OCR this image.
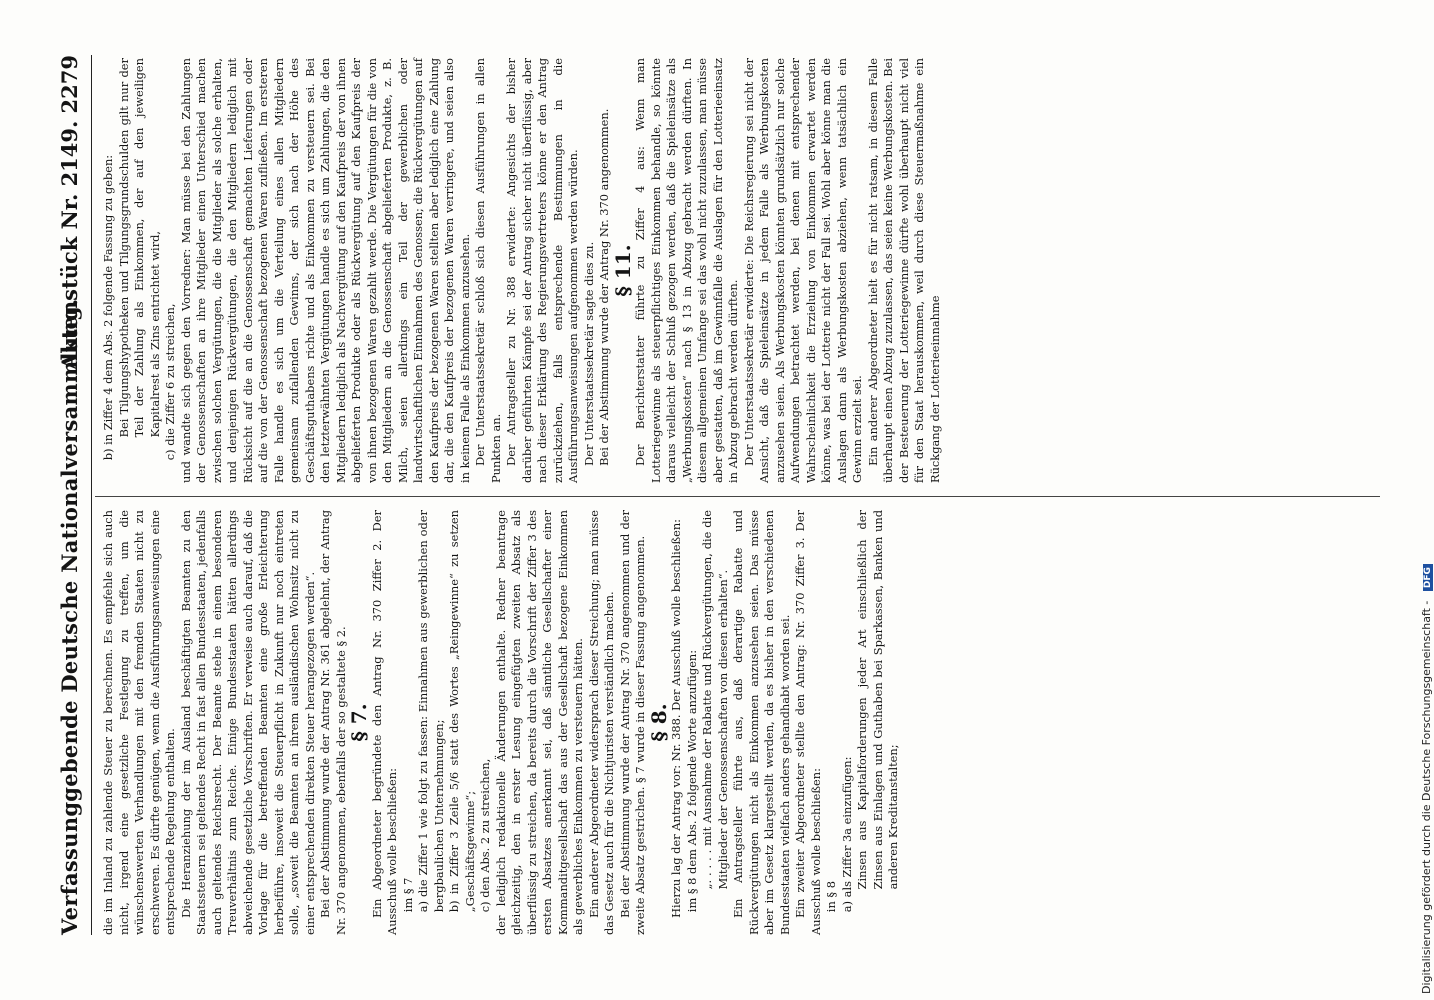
Verfassunggebende Deutsche Nationalversammlung.
Aktenstück Nr. 2149.
2279

die im Inland zu zahlende Steuer zu berechnen. Es empfehle sich auch nicht, irgend eine gesetzliche Festlegung zu treffen, um die wünschenswerten Verhandlungen mit den fremden Staaten nicht zu erschweren. Es dürfte genügen, wenn die Ausführungsanweisungen eine entsprechende Regelung enthalten. Die Heranziehung der im Ausland beschäftigten Beamten zu den Staatssteuern sei geltendes Recht in fast allen Bundesstaaten, jedenfalls auch geltendes Reichsrecht. Der Beamte stehe in einem besonderen Treuverhältnis zum Reiche. Einige Bundesstaaten hätten allerdings abweichende gesetzliche Vorschriften. Er verweise auch darauf, daß die Vorlage für die betreffenden Beamten eine große Erleichterung herbeiführe, insoweit die Steuerpflicht in Zukunft nur noch eintreten solle, „soweit die Beamten an ihrem ausländischen Wohnsitz nicht zu einer entsprechenden direkten Steuer herangezogen werden“. Bei der Abstimmung wurde der Antrag Nr. 361 abgelehnt, der Antrag Nr. 370 angenommen, ebenfalls der so gestaltete § 2. § 7.

Ein Abgeordneter begründete den Antrag Nr. 370 Ziffer 2. Der Ausschuß wolle beschließen: im § 7 a) die Ziffer 1 wie folgt zu fassen: Einnahmen aus gewerblichen oder bergbaulichen Unternehmungen; b) in Ziffer 3 Zeile 5/6 statt des Wortes „Reingewinne“ zu setzen „Geschäftsgewinne“; c) den Abs. 2 zu streichen, der lediglich redaktionelle Änderungen enthalte. Redner beantrage gleichzeitig, den in erster Lesung eingefügten zweiten Absatz als überflüssig zu streichen, da bereits durch die Vorschrift der Ziffer 3 des ersten Absatzes anerkannt sei, daß sämtliche Gesellschafter einer Kommanditgesellschaft das aus der Gesellschaft bezogene Einkommen als gewerbliches Einkommen zu versteuern hätten. Ein anderer Abgeordneter widersprach dieser Streichung; man müsse das Gesetz auch für die Nichtjuristen verständlich machen. Bei der Abstimmung wurde der Antrag Nr. 370 angenommen und der zweite Absatz gestrichen. § 7 wurde in dieser Fassung angenommen. § 8.

Hierzu lag der Antrag vor: Nr. 388. Der Ausschuß wolle beschließen: im § 8 dem Abs. 2 folgende Worte anzufügen: „. . . . . mit Ausnahme der Rabatte und Rückvergütungen, die die Mitglieder der Genossenschaften von diesen erhalten“. Ein Antragsteller führte aus, daß derartige Rabatte und Rückvergütungen nicht als Einkommen anzusehen seien. Das müsse aber im Gesetz klargestellt werden, da es bisher in den verschiedenen Bundesstaaten vielfach anders gehandhabt worden sei. Ein zweiter Abgeordneter stellte den Antrag: Nr. 370 Ziffer 3. Der Ausschuß wolle beschließen: in § 8 a) als Ziffer 3a einzufügen: Zinsen aus Kapitalforderungen jeder Art einschließlich der Zinsen aus Einlagen und Guthaben bei Sparkassen, Banken und anderen Kreditanstalten;

b) in Ziffer 4 dem Abs. 2 folgende Fassung zu geben: Bei Tilgungshypotheken und Tilgungsgrundschulden gilt nur der Teil der Zahlung als Einkommen, der auf den jeweiligen Kapitalrest als Zins entrichtet wird, c) die Ziffer 6 zu streichen, und wandte sich gegen den Vorredner: Man müsse bei den Zahlungen der Genossenschaften an ihre Mitglieder einen Unterschied machen zwischen solchen Vergütungen, die die Mitglieder als solche erhalten, und denjenigen Rückvergütungen, die den Mitgliedern lediglich mit Rücksicht auf die an die Genossenschaft gemachten Lieferungen oder auf die von der Genossenschaft bezogenen Waren zufließen. Im ersteren Falle handle es sich um die Verteilung eines allen Mitgliedern gemeinsam zufallenden Gewinns, der sich nach der Höhe des Geschäftsguthabens richte und als Einkommen zu versteuern sei. Bei den letzterwähnten Vergütungen handle es sich um Zahlungen, die den Mitgliedern lediglich als Nachvergütung auf den Kaufpreis der von ihnen abgelieferten Produkte oder als Rückvergütung auf den Kaufpreis der von ihnen bezogenen Waren gezahlt werde. Die Vergütungen für die von den Mitgliedern an die Genossenschaft abgelieferten Produkte, z. B. Milch, seien allerdings ein Teil der gewerblichen oder landwirtschaftlichen Einnahmen des Genossen; die Rückvergütungen auf den Kaufpreis der bezogenen Waren stellten aber lediglich eine Zahlung dar, die den Kaufpreis der bezogenen Waren verringere, und seien also in keinem Falle als Einkommen anzusehen. Der Unterstaatssekretär schloß sich diesen Ausführungen in allen Punkten an. Der Antragsteller zu Nr. 388 erwiderte: Angesichts der bisher darüber geführten Kämpfe sei der Antrag sicher nicht überflüssig, aber nach dieser Erklärung des Regierungsvertreters könne er den Antrag zurückziehen, falls entsprechende Bestimmungen in die Ausführungsanweisungen aufgenommen werden würden. Der Unterstaatssekretär sagte dies zu. Bei der Abstimmung wurde der Antrag Nr. 370 angenommen. § 11.

Der Berichterstatter führte zu Ziffer 4 aus: Wenn man Lotteriegewinne als steuerpflichtiges Einkommen behandle, so könnte daraus vielleicht der Schluß gezogen werden, daß die Spieleinsätze als „Werbungskosten“ nach § 13 in Abzug gebracht werden dürften. In diesem allgemeinen Umfange sei das wohl nicht zuzulassen, man müsse aber gestatten, daß im Gewinnfalle die Auslagen für den Lotterieeinsatz in Abzug gebracht werden dürften. Der Unterstaatssekretär erwiderte: Die Reichsregierung sei nicht der Ansicht, daß die Spieleinsätze in jedem Falle als Werbungskosten anzusehen seien. Als Werbungskosten könnten grundsätzlich nur solche Aufwendungen betrachtet werden, bei denen mit entsprechender Wahrscheinlichkeit die Erzielung von Einkommen erwartet werden könne, was bei der Lotterie nicht der Fall sei. Wohl aber könne man die Auslagen dann als Werbungskosten abziehen, wenn tatsächlich ein Gewinn erzielt sei. Ein anderer Abgeordneter hielt es für nicht ratsam, in diesem Falle überhaupt einen Abzug zuzulassen, das seien keine Werbungskosten. Bei der Besteuerung der Lotteriegewinne dürfte wohl überhaupt nicht viel für den Staat herauskommen, weil durch diese Steuermaßnahme ein Rückgang der Lotterieeinnahme

Digitalisierung gefördert durch die Deutsche Forschungsgemeinschaft - DFG
